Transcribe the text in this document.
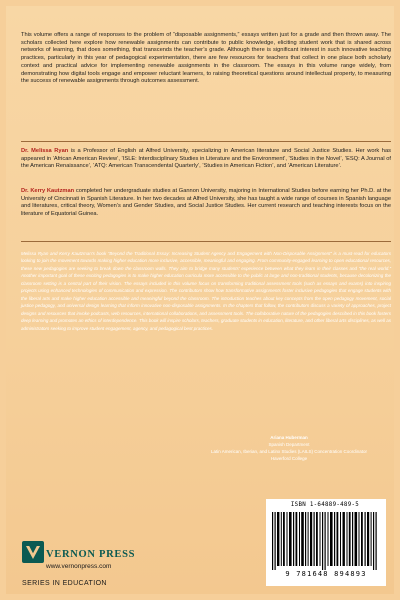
This volume offers a range of responses to the problem of “disposable assignments,” essays written just for a grade and then thrown away. The scholars collected here explore how renewable assignments can contribute to public knowledge, eliciting student work that is shared across networks of learning, that does something, that transcends the teacher’s grade. Although there is significant interest in such innovative teaching practices, particularly in this year of pedagogical experimentation, there are few resources for teachers that collect in one place both scholarly context and practical advice for implementing renewable assignments in the classroom. The essays in this volume range widely, from demonstrating how digital tools engage and empower reluctant learners, to raising theoretical questions around intellectual property, to measuring the success of renewable assignments through outcomes assessment.

Dr. Melissa Ryan is a Professor of English at Alfred University, specializing in American literature and Social Justice Studies. Her work has appeared in ‘African American Review’, ‘ISLE: Interdisciplinary Studies in Literature and the Environment’, ‘Studies in the Novel’, ‘ESQ: A Journal of the American Renaissance’, ‘ATQ: American Transcendental Quarterly’, ‘Studies in American Fiction’, and ‘American Literature’.

Dr. Kerry Kautzman completed her undergraduate studies at Gannon University, majoring in International Studies before earning her Ph.D. at the University of Cincinnati in Spanish Literature. In her two decades at Alfred University, she has taught a wide range of courses in Spanish language and literatures, critical theory, Women’s and Gender Studies, and Social Justice Studies. Her current research and teaching interests focus on the literature of Equatorial Guinea.

Melissa Ryan and Kerry Kautzman’s book “Beyond the Traditional Essay: Increasing Student Agency and Engagement with Non-Disposable Assignment” is a must-read for educators looking to join the movement towards making higher education more inclusive, accessible, meaningful and engaging. From community-engaged learning to open educational resources, these new pedagogies are seeking to break down the classroom walls. They aim to bridge many students’ experience between what they learn in their classes and “the real world.” Another important goal of these exciting pedagogies is to make higher education curricula more accessible to the public at large and non-traditional students, because decolonizing the classroom setting is a central part of their vision. The essays included in this volume focus on transforming traditional assessment tools (such as essays and exams) into inspiring projects using enhanced technologies of communication and expression. The contributors show how transformative assignments foster inclusive pedagogies that engage students with the liberal arts and make higher education accessible and meaningful beyond the classroom. The introduction teaches about key concepts from the open pedagogy movement, social justice pedagogy, and universal design learning that inform innovative non-disposable assignments. In the chapters that follow, the contributors discuss a variety of approaches, project designs and resources that invoke podcasts, web resources, international collaborations, and assessment tools. The collaborative nature of the pedagogies described in this book fosters deep learning and promotes an ethics of interdependence. This book will inspire scholars, teachers, graduate students in education, literature, and other liberal arts disciplines, as well as administrators seeking to improve student engagement, agency, and pedagogical best practices.

Ariana Huberman
Spanish Department
Latin American, Iberian, and Latinx Studies (LAILS) Concentration Coordinator
Haverford College
ISBN 1-64889-489-5
9 781648 894893
VERNON PRESS
www.vernonpress.com
SERIES IN EDUCATION
